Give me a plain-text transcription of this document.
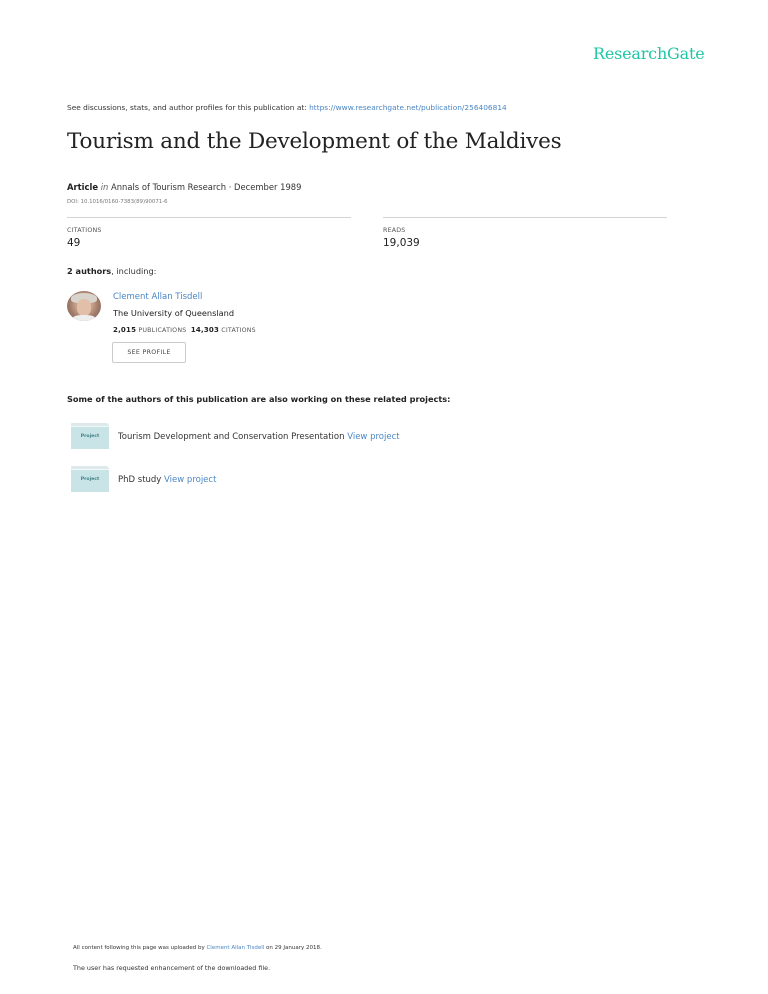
ResearchGate
See discussions, stats, and author profiles for this publication at: https://www.researchgate.net/publication/256406814
Tourism and the Development of the Maldives
Article in Annals of Tourism Research · December 1989
DOI: 10.1016/0160-7383(89)90071-6
CITATIONS
49
READS
19,039
2 authors, including:
Clement Allan Tisdell
The University of Queensland
2,015 PUBLICATIONS 14,303 CITATIONS
SEE PROFILE
Some of the authors of this publication are also working on these related projects:
Project	Tourism Development and Conservation Presentation View project
Project	PhD study View project
All content following this page was uploaded by Clement Allan Tisdell on 29 January 2018.
The user has requested enhancement of the downloaded file.
